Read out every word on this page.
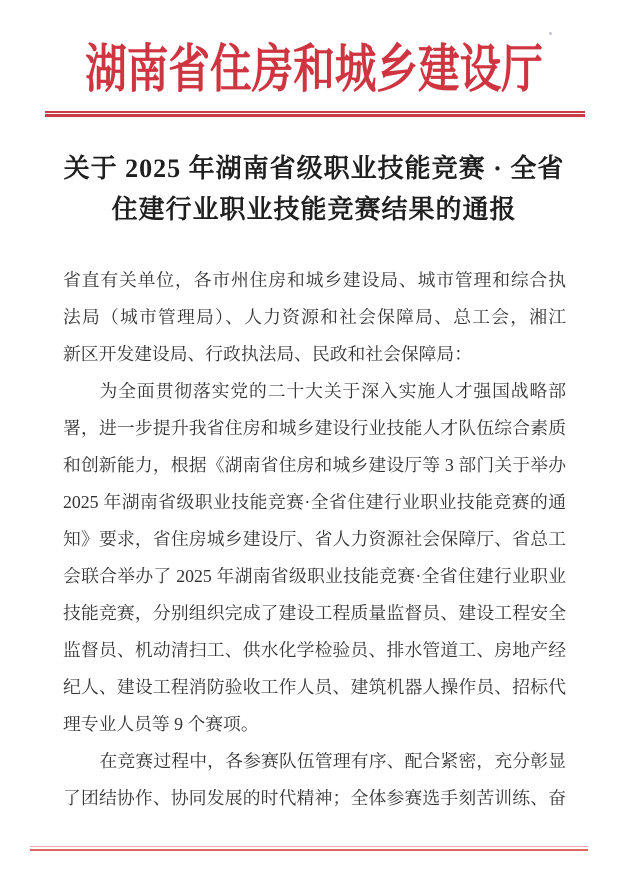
湖南省住房和城乡建设厅
关于 2025 年湖南省级职业技能竞赛 · 全省
住建行业职业技能竞赛结果的通报
省直有关单位，各市州住房和城乡建设局、城市管理和综合执
法局（城市管理局）、人力资源和社会保障局、总工会，湘江
新区开发建设局、行政执法局、民政和社会保障局：
为全面贯彻落实党的二十大关于深入实施人才强国战略部
署，进一步提升我省住房和城乡建设行业技能人才队伍综合素质
和创新能力，根据《湖南省住房和城乡建设厅等 3 部门关于举办
2025 年湖南省级职业技能竞赛·全省住建行业职业技能竞赛的通
知》要求，省住房城乡建设厅、省人力资源社会保障厅、省总工
会联合举办了 2025 年湖南省级职业技能竞赛·全省住建行业职业
技能竞赛，分别组织完成了建设工程质量监督员、建设工程安全
监督员、机动清扫工、供水化学检验员、排水管道工、房地产经
纪人、建设工程消防验收工作人员、建筑机器人操作员、招标代
理专业人员等 9 个赛项。
在竞赛过程中，各参赛队伍管理有序、配合紧密，充分彰显
了团结协作、协同发展的时代精神；全体参赛选手刻苦训练、奋
